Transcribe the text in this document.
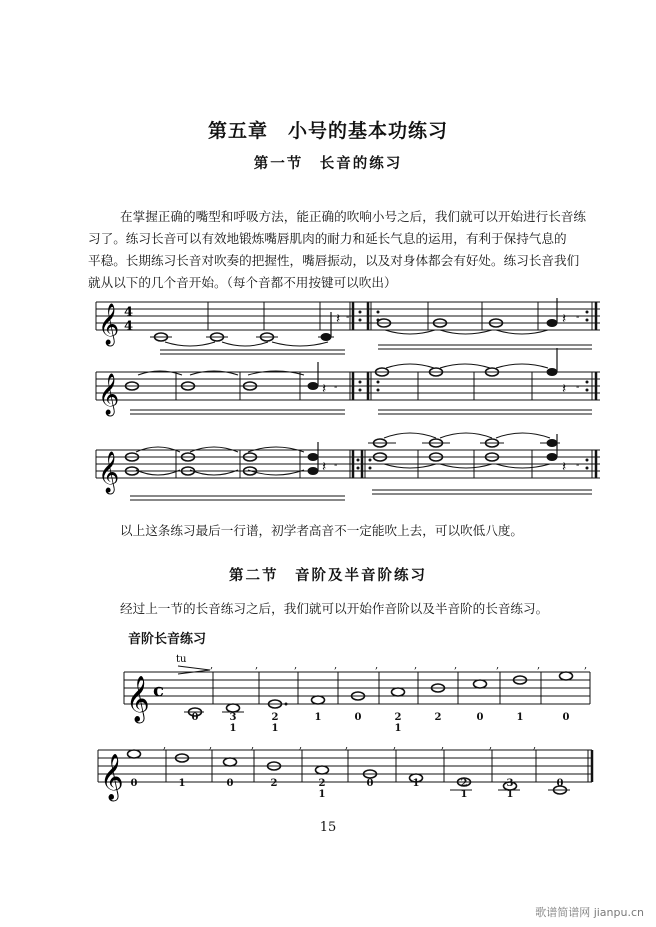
第五章　小号的基本功练习
第一节　长音的练习
在掌握正确的嘴型和呼吸方法，能正确的吹响小号之后，我们就可以开始进行长音练
习了。练习长音可以有效地锻炼嘴唇肌肉的耐力和延长气息的运用，有利于保持气息的
平稳。长期练习长音对吹奏的把握性，嘴唇振动，以及对身体都会有好处。练习长音我们
就从以下的几个音开始。（每个音都不用按键可以吹出）
𝄞 4
4	𝄽 -	𝄽 -
𝄞	𝄽 -	𝄽 -
𝄞	𝄽 -	𝄽 -
以上这条练习最后一行谱，初学者高音不一定能吹上去，可以吹低八度。
第二节　音阶及半音阶练习
经过上一节的长音练习之后，我们就可以开始作音阶以及半音阶的长音练习。
音阶长音练习
𝄞 c
tu
,	,	,	,	,	,	,	,	,	,
0	3
1
2
1
1	0	2
1
2	0	1	0
𝄞
,	,	,	,	,	,	,	,	,
0	1	0	2	2
1
0	1	2
1
3
1
0
15
歌谱简谱网 jianpu.cn
